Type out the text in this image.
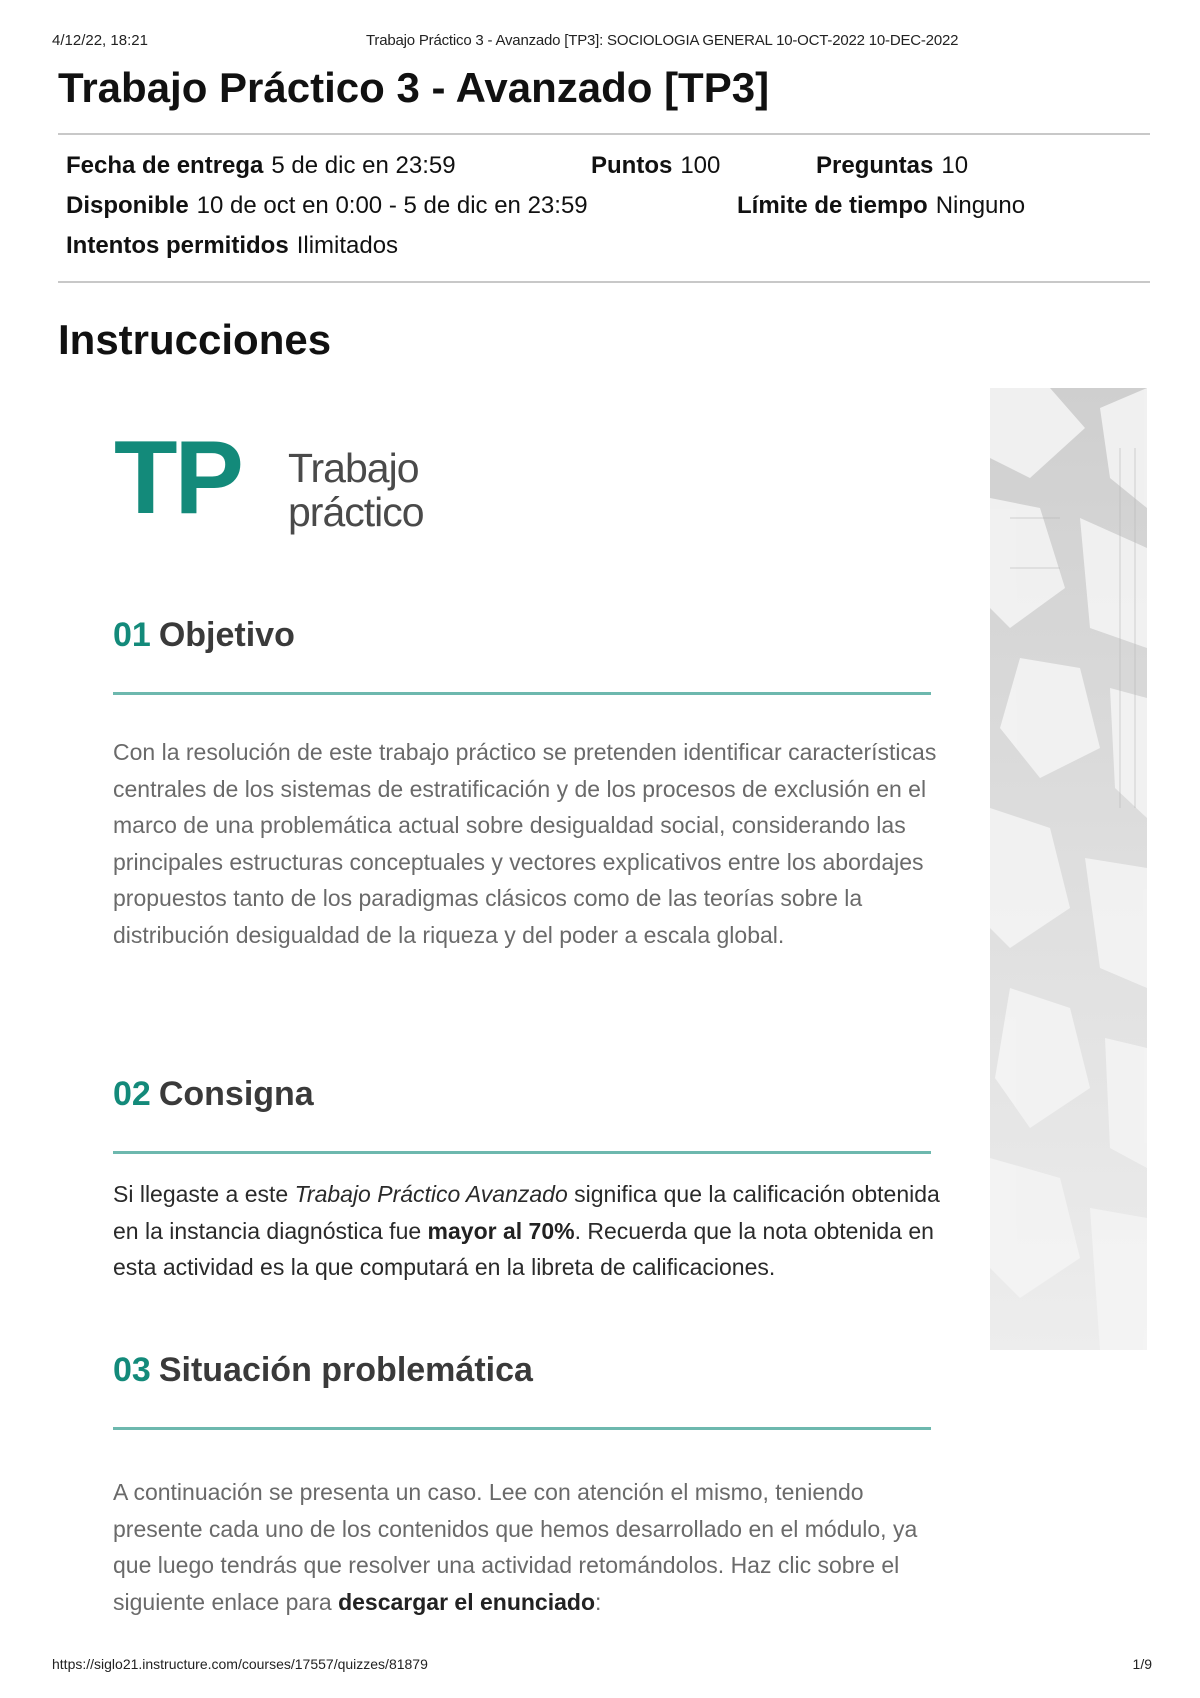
4/12/22, 18:21	Trabajo Práctico 3 - Avanzado [TP3]: SOCIOLOGIA GENERAL 10-OCT-2022 10-DEC-2022
Trabajo Práctico 3 - Avanzado [TP3]
Fecha de entrega 5 de dic en 23:59	Puntos 100	Preguntas 10
Disponible 10 de oct en 0:00 - 5 de dic en 23:59	Límite de tiempo Ninguno
Intentos permitidos Ilimitados
Instrucciones
TP Trabajo
práctico
01 Objetivo

Con la resolución de este trabajo práctico se pretenden identificar características centrales de los sistemas de estratificación y de los procesos de exclusión en el marco de una problemática actual sobre desigualdad social, considerando las principales estructuras conceptuales y vectores explicativos entre los abordajes propuestos tanto de los paradigmas clásicos como de las teorías sobre la distribución desigualdad de la riqueza y del poder a escala global.

02 Consigna

Si llegaste a este Trabajo Práctico Avanzado significa que la calificación obtenida en la instancia diagnóstica fue mayor al 70%. Recuerda que la nota obtenida en esta actividad es la que computará en la libreta de calificaciones.

03 Situación problemática

A continuación se presenta un caso. Lee con atención el mismo, teniendo presente cada uno de los contenidos que hemos desarrollado en el módulo, ya que luego tendrás que resolver una actividad retomándolos. Haz clic sobre el siguiente enlace para descargar el enunciado:

https://siglo21.instructure.com/courses/17557/quizzes/81879	1/9
